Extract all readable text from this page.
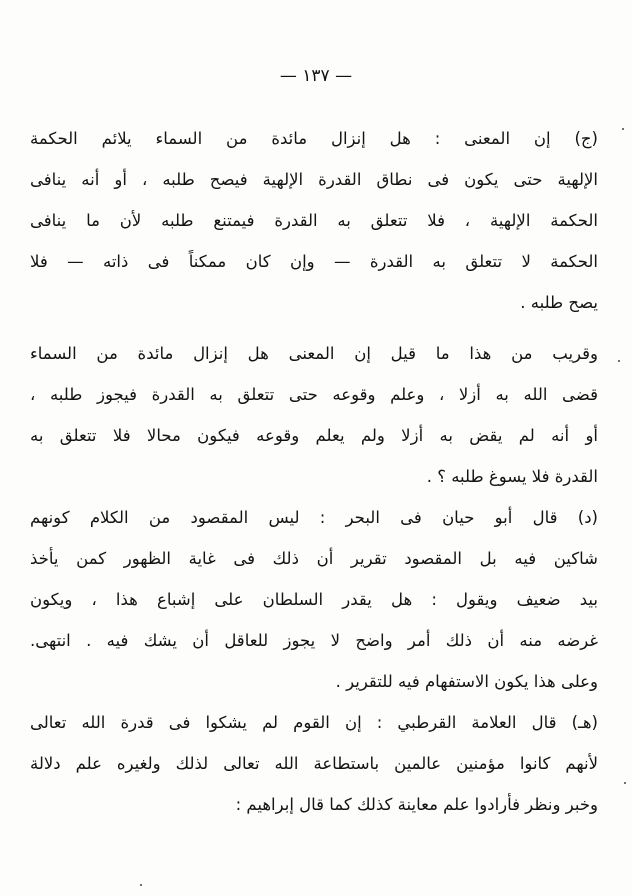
— ١٣٧ —
(ج) إن المعنى : هل إنزال مائدة من السماء يلائم الحكمة
الإلهية حتى يكون فى نطاق القدرة الإلهية فيصح طلبه ، أو أنه ينافى
الحكمة الإلهية ، فلا تتعلق به القدرة فيمتنع طلبه لأن ما ينافى
الحكمة لا تتعلق به القدرة — وإن كان ممكناً فى ذاته — فلا
يصح طلبه .
وقريب من هذا ما قيل إن المعنى هل إنزال مائدة من السماء
قضى الله به أزلا ، وعلم وقوعه حتى تتعلق به القدرة فيجوز طلبه ،
أو أنه لم يقض به أزلا ولم يعلم وقوعه فيكون محالا فلا تتعلق به
القدرة فلا يسوغ طلبه ؟ .
(د) قال أبو حيان فى البحر : ليس المقصود من الكلام كونهم
شاكين فيه بل المقصود تقرير أن ذلك فى غاية الظهور كمن يأخذ
بيد ضعيف ويقول : هل يقدر السلطان على إشباع هذا ، ويكون
غرضه منه أن ذلك أمر واضح لا يجوز للعاقل أن يشك فيه . انتهى.
وعلى هذا يكون الاستفهام فيه للتقرير .
(هـ) قال العلامة القرطبي : إن القوم لم يشكوا فى قدرة الله تعالى
لأنهم كانوا مؤمنين عالمين باستطاعة الله تعالى لذلك ولغيره علم دلالة
وخبر ونظر فأرادوا علم معاينة كذلك كما قال إبراهيم :
